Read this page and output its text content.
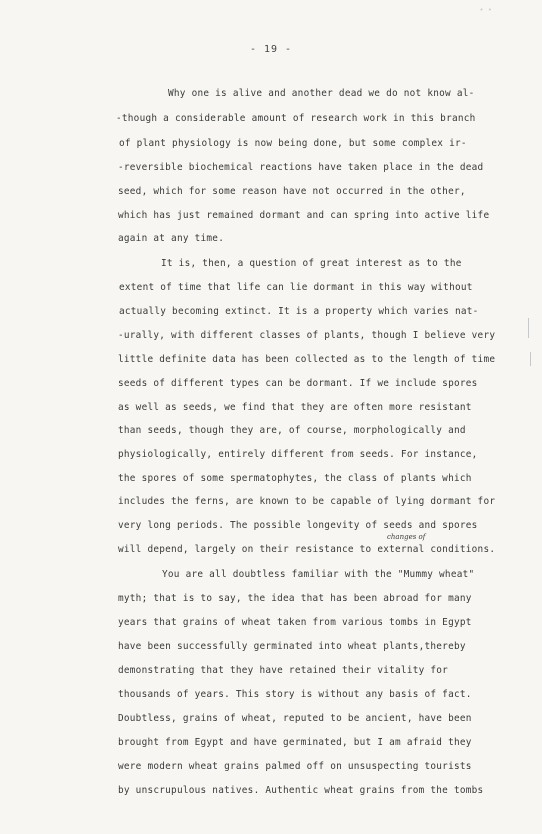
• •
- 19 -
Why one is alive and another dead we do not know al-
-though a considerable amount of research work in this branch
of plant physiology is now being done, but some complex ir-
-reversible biochemical reactions have taken place in the dead
seed, which for some reason have not occurred in the other,
which has just remained dormant and can spring into active life
again at any time.
It is, then, a question of great interest as to the
extent of time that life can lie dormant in this way without
actually becoming extinct. It is a property which varies nat-
-urally, with different classes of plants, though I believe very
little definite data has been collected as to the length of time
seeds of different types can be dormant. If we include spores
as well as seeds, we find that they are often more resistant
than seeds, though they are, of course, morphologically and
physiologically, entirely different from seeds. For instance,
the spores of some spermatophytes, the class of plants which
includes the ferns, are known to be capable of lying dormant for
very long periods. The possible longevity of seeds and spores
changes of
will depend, largely on their resistance to external conditions.
You are all doubtless familiar with the "Mummy wheat"
myth; that is to say, the idea that has been abroad for many
years that grains of wheat taken from various tombs in Egypt
have been successfully germinated into wheat plants,thereby
demonstrating that they have retained their vitality for
thousands of years. This story is without any basis of fact.
Doubtless, grains of wheat, reputed to be ancient, have been
brought from Egypt and have germinated, but I am afraid they
were modern wheat grains palmed off on unsuspecting tourists
by unscrupulous natives. Authentic wheat grains from the tombs
